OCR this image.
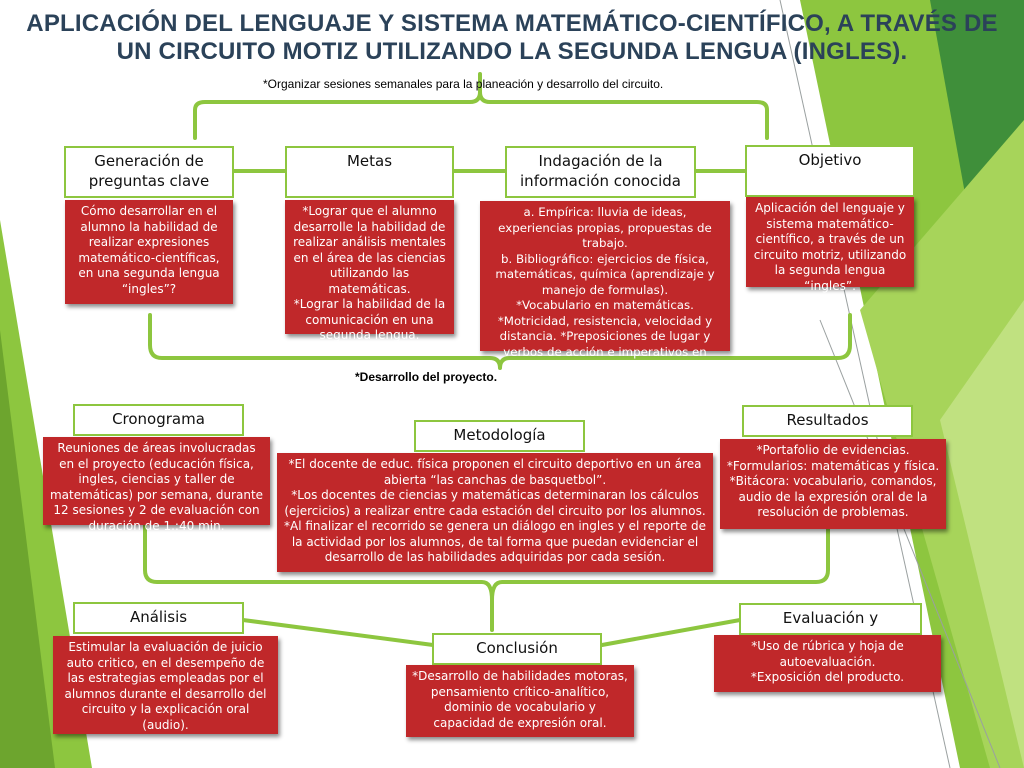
APLICACIÓN DEL LENGUAJE Y SISTEMA MATEMÁTICO-CIENTÍFICO, A TRAVÉS DE UN CIRCUITO MOTIZ UTILIZANDO LA SEGUNDA LENGUA (INGLES).
*Organizar sesiones semanales para la planeación y desarrollo del circuito.
Generación de preguntas clave
Cómo desarrollar en el alumno la habilidad de realizar expresiones matemático-científicas, en una segunda lengua “ingles”?
Metas
*Lograr que el alumno desarrolle la habilidad de realizar análisis mentales en el área de las ciencias utilizando las matemáticas.
*Lograr la habilidad de la comunicación en una segunda lengua.
Indagación de la información conocida
a. Empírica: lluvia de ideas, experiencias propias, propuestas de trabajo.
b. Bibliográfico: ejercicios de física, matemáticas, química (aprendizaje y manejo de formulas).
*Vocabulario en matemáticas.
*Motricidad, resistencia, velocidad y distancia. *Preposiciones de lugar y verbos de acción e imperativos en ingles.
Objetivo
Aplicación del lenguaje y sistema matemático-científico, a través de un circuito motriz, utilizando la segunda lengua “ingles”.
*Desarrollo del proyecto.
Cronograma
Reuniones de áreas involucradas en el proyecto (educación física, ingles, ciencias y taller de matemáticas) por semana, durante 12 sesiones y 2 de evaluación con duración de 1.:40 min.
Metodología
*El docente de educ. física proponen el circuito deportivo en un área abierta “las canchas de basquetbol”.
*Los docentes de ciencias y matemáticas determinaran los cálculos (ejercicios) a realizar entre cada estación del circuito por los alumnos.
*Al finalizar el recorrido se genera un diálogo en ingles y el reporte de la actividad por los alumnos, de tal forma que puedan evidenciar el desarrollo de las habilidades adquiridas por cada sesión.
Resultados
*Portafolio de evidencias.
*Formularios: matemáticas y física.
*Bitácora: vocabulario, comandos, audio de la expresión oral de la resolución de problemas.
Análisis
Estimular la evaluación de juicio auto critico, en el desempeño de las estrategias empleadas por el alumnos durante el desarrollo del circuito y la explicación oral (audio).
Conclusión
*Desarrollo de habilidades motoras, pensamiento crítico-analítico, dominio de vocabulario y capacidad de expresión oral.
Evaluación y
*Uso de rúbrica y hoja de autoevaluación.
*Exposición del producto.
